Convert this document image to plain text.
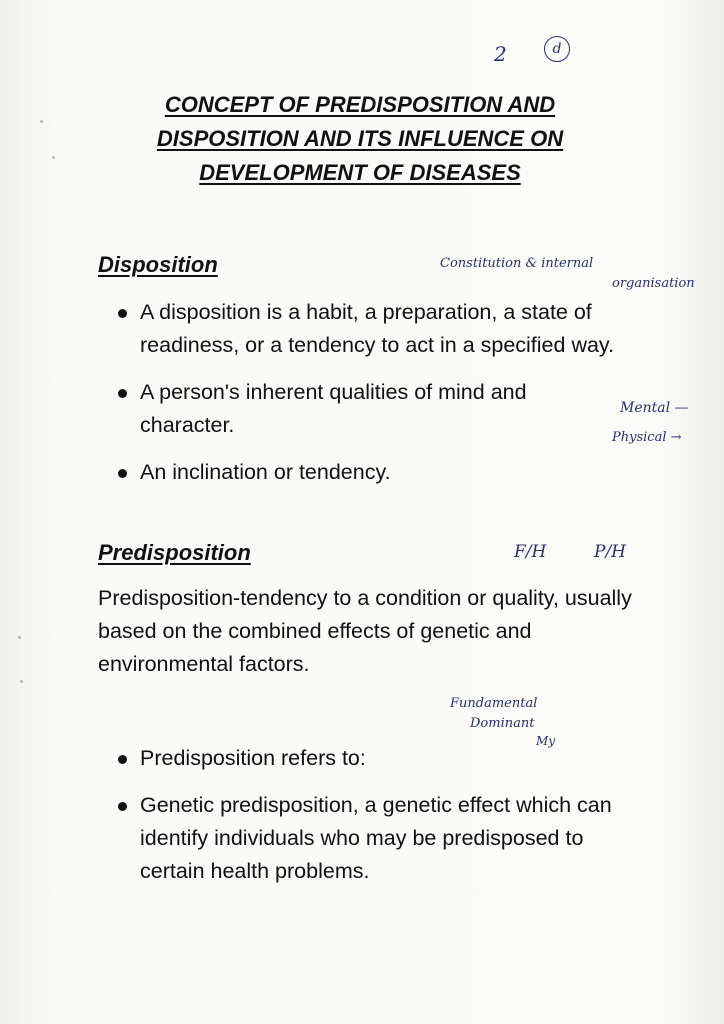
2	d
CONCEPT OF PREDISPOSITION AND
DISPOSITION AND ITS INFLUENCE ON
DEVELOPMENT OF DISEASES
Disposition	Constitution & internal
organisation
A disposition is a habit, a preparation, a state of readiness, or a tendency to act in a specified way.
A person's inherent qualities of mind and character.
An inclination or tendency.
Mental —
Physical →
Predisposition	F/H	P/H
Predisposition-tendency to a condition or quality, usually based on the combined effects of genetic and environmental factors.
Fundamental
Dominant
My
Predisposition refers to:
Genetic predisposition, a genetic effect which can identify individuals who may be predisposed to certain health problems.
